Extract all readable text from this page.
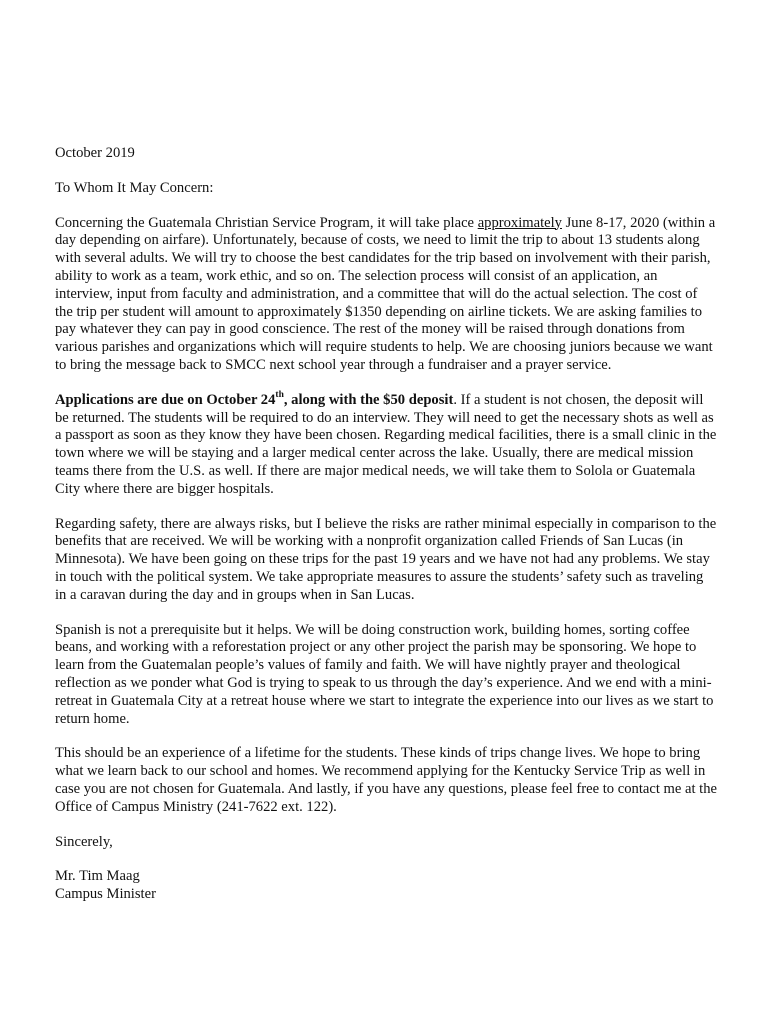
October 2019

To Whom It May Concern:

Concerning the Guatemala Christian Service Program, it will take place approximately June 8-17, 2020 (within a day depending on airfare). Unfortunately, because of costs, we need to limit the trip to about 13 students along with several adults. We will try to choose the best candidates for the trip based on involvement with their parish, ability to work as a team, work ethic, and so on. The selection process will consist of an application, an interview, input from faculty and administration, and a committee that will do the actual selection. The cost of the trip per student will amount to approximately $1350 depending on airline tickets. We are asking families to pay whatever they can pay in good conscience. The rest of the money will be raised through donations from various parishes and organizations which will require students to help. We are choosing juniors because we want to bring the message back to SMCC next school year through a fundraiser and a prayer service.

Applications are due on October 24th, along with the $50 deposit. If a student is not chosen, the deposit will be returned. The students will be required to do an interview. They will need to get the necessary shots as well as a passport as soon as they know they have been chosen. Regarding medical facilities, there is a small clinic in the town where we will be staying and a larger medical center across the lake. Usually, there are medical mission teams there from the U.S. as well. If there are major medical needs, we will take them to Solola or Guatemala City where there are bigger hospitals.

Regarding safety, there are always risks, but I believe the risks are rather minimal especially in comparison to the benefits that are received. We will be working with a nonprofit organization called Friends of San Lucas (in Minnesota). We have been going on these trips for the past 19 years and we have not had any problems. We stay in touch with the political system. We take appropriate measures to assure the students’ safety such as traveling in a caravan during the day and in groups when in San Lucas.

Spanish is not a prerequisite but it helps. We will be doing construction work, building homes, sorting coffee beans, and working with a reforestation project or any other project the parish may be sponsoring. We hope to learn from the Guatemalan people’s values of family and faith. We will have nightly prayer and theological reflection as we ponder what God is trying to speak to us through the day’s experience. And we end with a mini-retreat in Guatemala City at a retreat house where we start to integrate the experience into our lives as we start to return home.

This should be an experience of a lifetime for the students. These kinds of trips change lives. We hope to bring what we learn back to our school and homes. We recommend applying for the Kentucky Service Trip as well in case you are not chosen for Guatemala. And lastly, if you have any questions, please feel free to contact me at the Office of Campus Ministry (241-7622 ext. 122).

Sincerely,

Mr. Tim Maag

Campus Minister
